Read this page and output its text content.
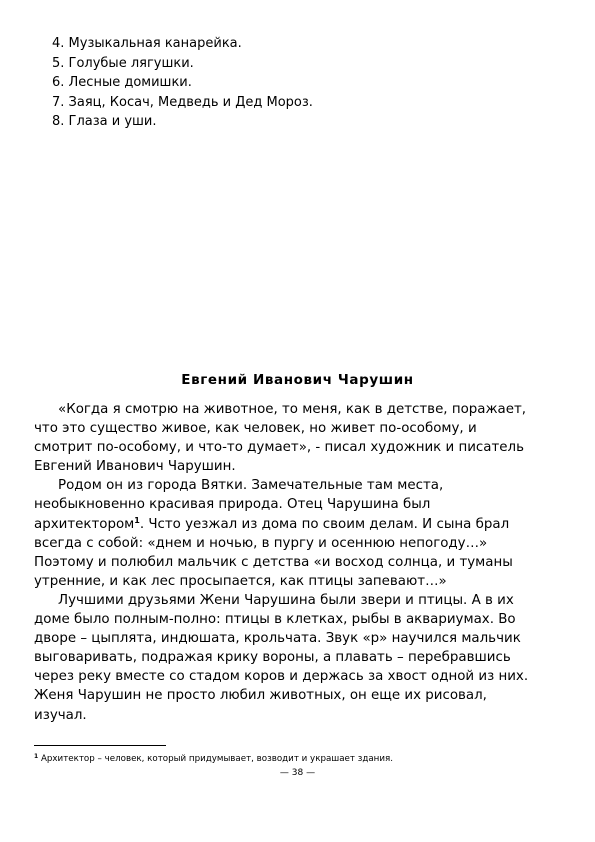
4. Музыкальная канарейка.
5. Голубые лягушки.
6. Лесные домишки.
7. Заяц, Косач, Медведь и Дед Мороз.
8. Глаза и уши.
Евгений Иванович Чарушин
«Когда я смотрю на животное, то меня, как в детстве, поражает,
что это существо живое, как человек, но живет по-особому, и
смотрит по-особому, и что-то думает», - писал художник и писатель
Евгений Иванович Чарушин.
Родом он из города Вятки. Замечательные там места,
необыкновенно красивая природа. Отец Чарушина был
архитектором$^1$. Чсто уезжал из дома по своим делам. И сына брал
всегда с собой: «днем и ночью, в пургу и осеннюю непогоду…»
Поэтому и полюбил мальчик с детства «и восход солнца, и туманы
утренние, и как лес просыпается, как птицы запевают…»
Лучшими друзьями Жени Чарушина были звери и птицы. А в их
доме было полным-полно: птицы в клетках, рыбы в аквариумах. Во
дворе – цыплята, индюшата, крольчата. Звук «р» научился мальчик
выговаривать, подражая крику вороны, а плавать – перебравшись
через реку вместе со стадом коров и держась за хвост одной из них.
Женя Чарушин не просто любил животных, он еще их рисовал,
изучал.
$^1$ Архитектор – человек, который придумывает, возводит и украшает здания.
— 38 —
